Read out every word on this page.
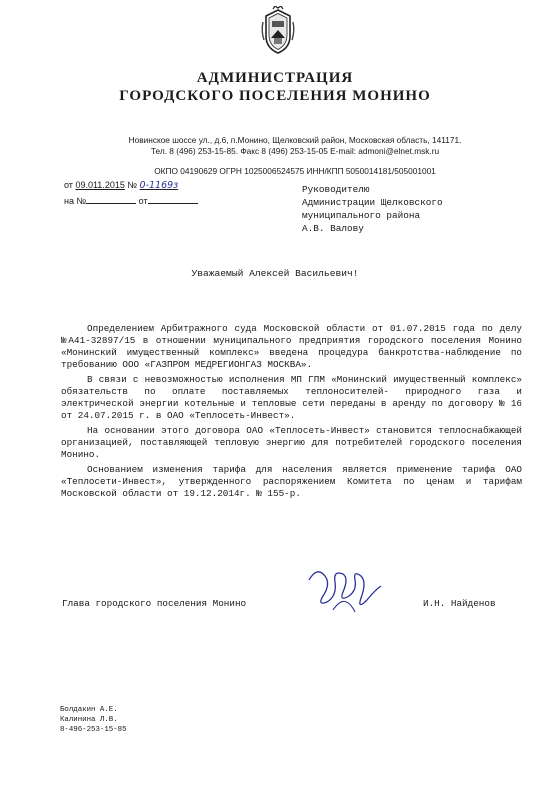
АДМИНИСТРАЦИЯ
ГОРОДСКОГО ПОСЕЛЕНИЯ МОНИНО
Новинское шоссе ул., д.6, п.Монино, Щелковский район, Московская область, 141171.
Тел. 8 (496) 253-15-85. Факс 8 (496) 253-15-05 E-mail: admoni@elnet.msk.ru
ОКПО 04190629 ОГРН 1025006524575 ИНН/КПП 5050014181/505001001
от 09.011.2015 № 0-1169з
на №	от
Руководителю
Администрации Щелковского
муниципального района
А.В. Валову
Уважаемый Алексей Васильевич!

Определением Арбитражного суда Московской области от 01.07.2015 года по делу №А41-32897/15 в отношении муниципального предприятия городского поселения Монино «Монинский имущественный комплекс» введена процедура банкротства-наблюдение по требованию ООО «ГАЗПРОМ МЕДРЕГИОНГАЗ МОСКВА».

В связи с невозможностью исполнения МП ГПМ «Монинский имущественный комплекс» обязательств по оплате поставляемых теплоносителей- природного газа и электрической энергии котельные и тепловые сети переданы в аренду по договору № 16 от 24.07.2015 г. в ОАО «Теплосеть-Инвест».

На основании этого договора ОАО «Теплосеть-Инвест» становится теплоснабжающей организацией, поставляющей тепловую энергию для потребителей городского поселения Монино.

Основанием изменения тарифа для населения является применение тарифа ОАО «Теплосети-Инвест», утвержденного распоряжением Комитета по ценам и тарифам Московской области от 19.12.2014г. № 155-р.

Глава городского поселения Монино	И.Н. Найденов
Болдакин А.Е.
Калинина Л.В.
8-496-253-15-85
